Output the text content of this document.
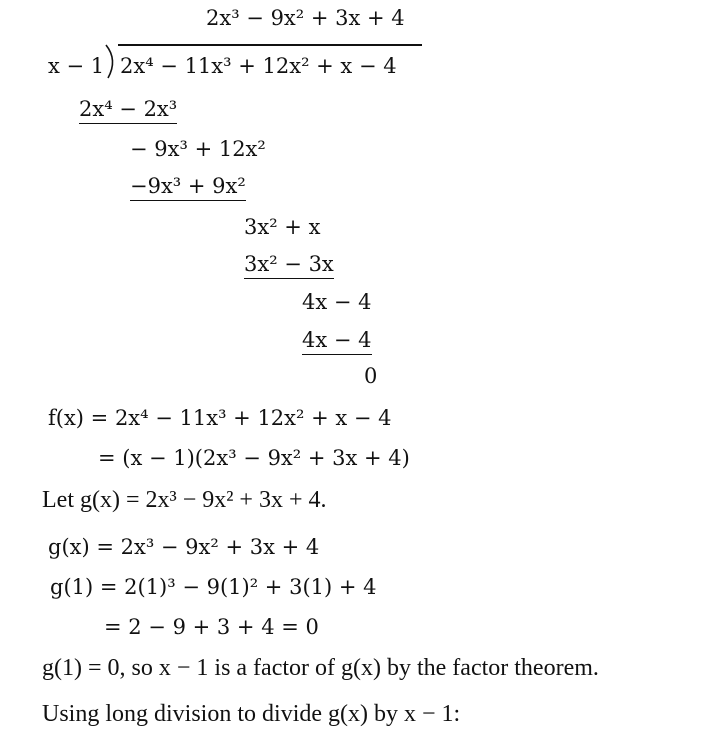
2x³ − 9x² + 3x + 4
x − 1 2x⁴ − 11x³ + 12x² + x − 4
2x⁴ − 2x³
− 9x³ + 12x²
−9x³ + 9x²
3x² + x
3x² − 3x
4x − 4
4x − 4
0
f(x) = 2x⁴ − 11x³ + 12x² + x − 4
= (x − 1)(2x³ − 9x² + 3x + 4)
Let g(x) = 2x³ − 9x² + 3x + 4.
g(x) = 2x³ − 9x² + 3x + 4
g(1) = 2(1)³ − 9(1)² + 3(1) + 4
= 2 − 9 + 3 + 4 = 0
g(1) = 0, so x − 1 is a factor of g(x) by the factor theorem.
Using long division to divide g(x) by x − 1:
